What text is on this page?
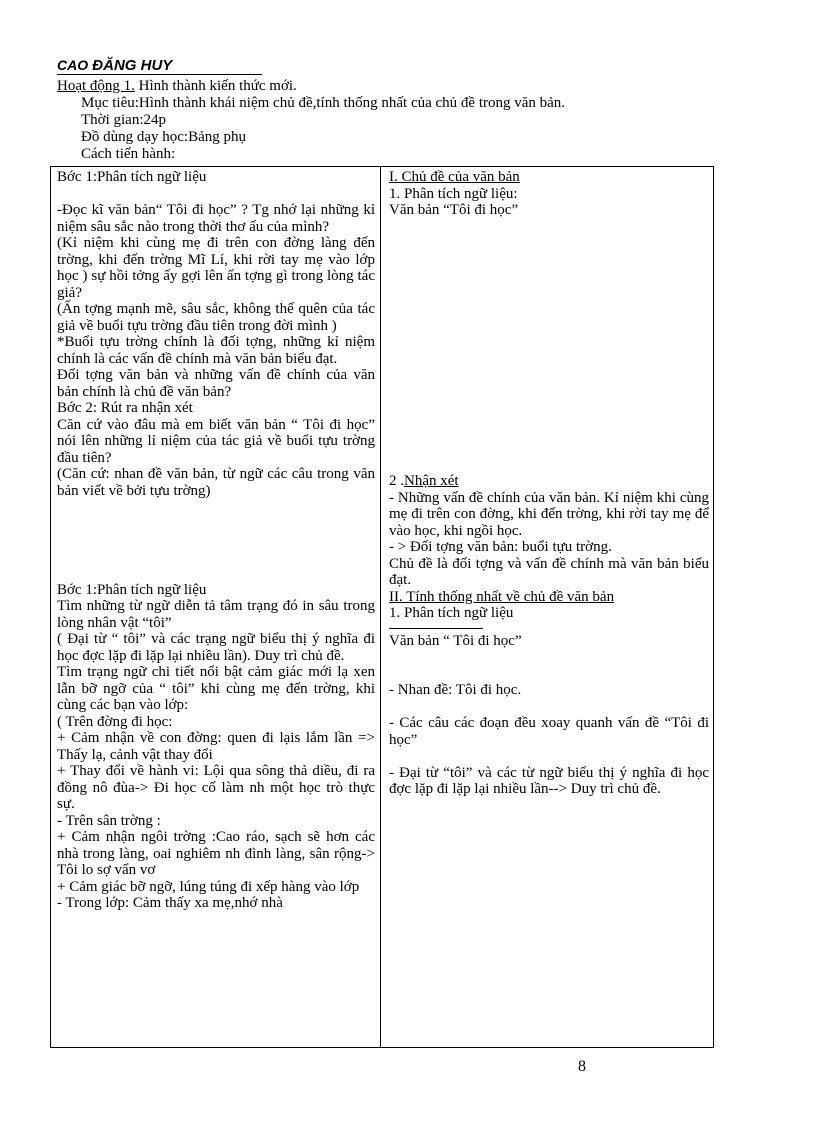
CAO ĐĂNG HUY
Hoạt động 1. Hình thành kiến thức mới.
Mục tiêu:Hình thành khái niệm chủ đề,tính thống nhất của chủ đề trong văn bản.
Thời gian:24p
Đồ dùng dạy học:Bảng phụ
Cách tiến hành:

Bớc 1:Phân tích ngữ liệu

-Đọc kĩ văn bản“ Tôi đi học” ? Tg nhớ lại những kỉ niệm sâu sắc nào trong thời thơ ấu của mình?

(Kỉ niệm khi cùng mẹ đi trên con đờng làng đến trờng, khi đến trờng Mĩ Lí, khi rời tay mẹ vào lớp học ) sự hồi tởng ấy gợi lên ấn tợng gì trong lòng tác giả?

(Ấn tợng mạnh mẽ, sâu sắc, không thể quên của tác giả về buổi tựu trờng đầu tiên trong đời mình )

*Buổi tựu trờng chính là đối tợng, những kỉ niệm chính là các vấn đề chính mà văn bản biểu đạt.

Đối tợng văn bản và những vấn đề chính của văn bản chính là chủ đề văn bản?

Bớc 2: Rút ra nhận xét

Căn cứ vào đâu mà em biết văn bản “ Tôi đi học” nói lên những lỉ niệm của tác giả về buổi tựu trờng đầu tiên?

(Căn cứ: nhan đề văn bản, từ ngữ các câu trong văn bản viết về bởi tựu trờng)

Bớc 1:Phân tích ngữ liệu

Tìm những từ ngữ diễn tả tâm trạng đó in sâu trong lòng nhân vật “tôi”

( Đại từ “ tôi” và các trạng ngữ biểu thị ý nghĩa đi học đợc lặp đi lặp lại nhiều lần). Duy trì chủ đề.

Tìm trạng ngữ chi tiết nổi bật cảm giác mới lạ xen lẫn bỡ ngỡ của “ tôi” khi cùng mẹ đến trờng, khi cùng các bạn vào lớp:

( Trên đờng đi học:

+ Cảm nhận về con đờng: quen đi lạis lắm lần => Thấy lạ, cảnh vật thay đổi

+ Thay đổi về hành vi: Lội qua sông thả diều, đi ra đồng nô đùa-> Đi học cố làm nh một học trò thực sự.

- Trên sân trờng :

+ Cảm nhận ngôi trờng :Cao ráo, sạch sẽ hơn các nhà trong làng, oai nghiêm nh đình làng, sân rộng-> Tôi lo sợ vẩn vơ

+ Cảm giác bỡ ngỡ, lúng túng đi xếp hàng vào lớp

- Trong lớp: Cảm thấy xa mẹ,nhớ nhà

I. Chủ đề của văn bản

1. Phân tích ngữ liệu:

Văn bản “Tôi đi học”

2 .Nhận xét

- Những vấn đề chính của văn bản. Kỉ niệm khi cùng mẹ đi trên con đờng, khi đến trờng, khi rời tay mẹ để vào học, khi ngồi học.

- > Đối tợng văn bản: buổi tựu trờng.

Chủ đề là đối tợng và vấn đề chính mà văn bản biểu đạt.

II. Tính thống nhất về chủ đề văn bản

1. Phân tích ngữ liệu

Văn bản “ Tôi đi học”

- Nhan đề: Tôi đi học.

- Các câu các đoạn đều xoay quanh vấn đề “Tôi đi học”

- Đại từ “tôi” và các từ ngữ biểu thị ý nghĩa đi học đợc lặp đi lặp lại nhiều lần--> Duy trì chủ đề.

8
